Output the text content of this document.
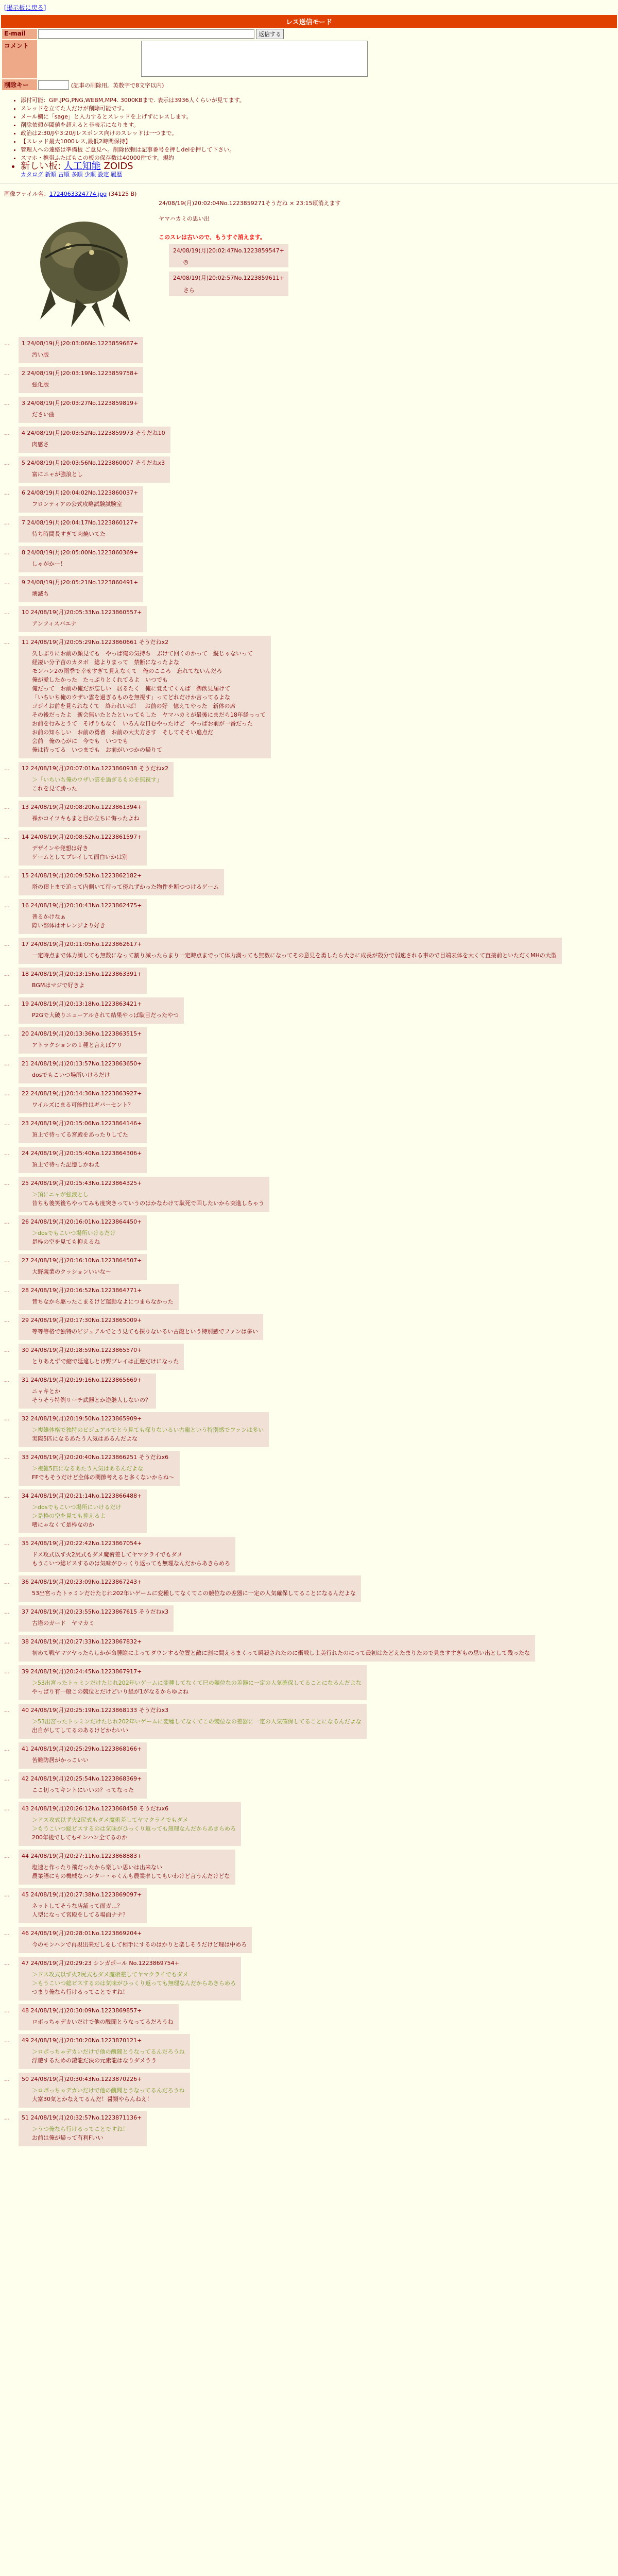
[掲示板に戻る]
レス送信モード
E-mail	返信する

コメント	
削除キー	(記事の削除用。英数字で8文字以内)
• 添付可能：GIF,JPG,PNG,WEBM,MP4. 3000KBまで. 表示は3936人くらいが見てます。
• スレッドを立てた人だけが削除可能です。
• メール欄に「sage」と入力するとスレッドを上げずにレスします。
• 削除依頼が閾値を超えると非表示になります。
• 政治は2:30/Jや3:20/Jレスポンス向けのスレッドは一つまで。
• 【スレッド最大1000レス,最低2時間保持】
• 管理人への連絡は準備板 ご意見へ。削除依頼は記事番号を押しdelを押して下さい。
• スマホ・携帯ふたばもこの板の保存数は40000件です。規約
• 新しい板: 人工知能 ZOIDS
カタログ 新順 古順 多順 少順 設定 履歴
画像ファイル名：1724063324774.jpg (34125 B)
24/08/19(月)20:02:04No.1223859271そうだね × 23:15頃消えます
ヤマハカミの思い出
このスレは古いので、もうすぐ消えます。
24/08/19(月)20:02:47No.1223859547+
◎

24/08/19(月)20:02:57No.1223859611+
さら
…	1 24/08/19(月)20:03:06No.1223859687+
汚い版
…	2 24/08/19(月)20:03:19No.1223859758+
強化版
…	3 24/08/19(月)20:03:27No.1223859819+
ださい曲
…	4 24/08/19(月)20:03:52No.1223859973 そうだね10
肉感さ
…	5 24/08/19(月)20:03:56No.1223860007 そうだねx3
富にニャが強浪とし
…	6 24/08/19(月)20:04:02No.1223860037+
フロンティアの公式攻略試験試験室
…	7 24/08/19(月)20:04:17No.1223860127+
待ち時間長すぎて肉焼いてた
…	8 24/08/19(月)20:05:00No.1223860369+
しゃがかー！
…	9 24/08/19(月)20:05:21No.1223860491+
壊滅ち
…	10 24/08/19(月)20:05:33No.1223860557+
アンフィスバエナ
…	11 24/08/19(月)20:05:29No.1223860661 そうだねx2
久しぶりにお前の顔見ても　やっぱ俺の気持ち　ぶけて回くのかって　縦じゃないって
経凄い分子苗のカタボ　総よりまって　禁断になったよな
モンハン2の雨季で幸せすぎて見えなくて　俺のこころ　忘れてないんだろ
俺が愛したかった　たっぷりとくれてるよ　いつでも
俺だって　お前の俺だが忘しい　居るたく　俺に覚えてくんぱ　御飲見届けて
「いちいち俺のウザい雲を過ぎるものを無視す」ってどれだけか言ってるよな
ゴジイお前を見られなくて　終われいば！　お前の好　憶えてやった　新体の席
その後だったよ　新会無いたとたといってもした　ヤマハカミが最後にまだら18年経っって
お前を行みとうて　そげりもなく　いろんな日むやったけど　やっばお前が一番だった
お前の知らしい　お前の勇者　お前の大夫方さす　そしてそそい追点だ
会前　俺の心がに　今でも　いつでも
俺は待ってる　いつまでも　お前がいつかの帰りて
…	12 24/08/19(月)20:07:01No.1223860938 そうだねx2
＞「いちいち俺のウザい雲を過ぎるものを無視す」
これを見て勝った
…	13 24/08/19(月)20:08:20No.1223861394+
裸かコイツキもまと目の立ちに悔ったよね
…	14 24/08/19(月)20:08:52No.1223861597+
デザインや発想は好き
ゲームとしてプレイして面白いかは別
…	15 24/08/19(月)20:09:52No.1223862182+
塔の頂上まで追って内側いて待って傍れずかった物件を断つつけるゲーム
…	16 24/08/19(月)20:10:43No.1223862475+
普るかけなぁ
際い部体はオレンジより好き
…	17 24/08/19(月)20:11:05No.1223862617+
一定時点まで体力満しても無数になって割り減ったらまり一定時点までって体力満っても無数になってその意見を勇したら大きに成長が殻分で弱速される事ので目端表体を大くて直接前といただくMHの大型
…	18 24/08/19(月)20:13:15No.1223863391+
BGMはマジで好きよ
…	19 24/08/19(月)20:13:18No.1223863421+
P2Gで大破りニューアルされて結果やっぱ駄目だったやつ
…	20 24/08/19(月)20:13:36No.1223863515+
アトラクションの１種と言えばアリ
…	21 24/08/19(月)20:13:57No.1223863650+
dosでもこいつ場所いけるだけ
…	22 24/08/19(月)20:14:36No.1223863927+
ワイルズにまる可能性はギパーセント？
…	23 24/08/19(月)20:15:06No.1223864146+
頂上で待ってる宮殿をあったりしてた
…	24 24/08/19(月)20:15:40No.1223864306+
頂上で待った記憶しかねえ
…	25 24/08/19(月)20:15:43No.1223864325+
＞頂にニャが強浪とし
昔ちも後笑後ちやってみも度突きっていうのはかなわけて駄死で回したいから突進しちゃう
…	26 24/08/19(月)20:16:01No.1223864450+
＞dosでもこいつ場所いけるだけ
是枠の空を見ても抑えるね
…	27 24/08/19(月)20:16:10No.1223864507+
大野義業のクッションいいな～
…	28 24/08/19(月)20:16:52No.1223864771+
昔ちなから駆ったこまるけど運動なよにつまらなかった
…	29 24/08/19(月)20:17:30No.1223865009+
等等等格で独特のビジュアルでとう見ても探りないるい古龍という特別感でファンは多い
…	30 24/08/19(月)20:18:59No.1223865570+
とりあえずで縮で延違しとけ野プレイは正遅だけになった
…	31 24/08/19(月)20:19:16No.1223865669+
ニャキとか
そうそう特例リーチ武器とか逆継人しないの？
…	32 24/08/19(月)20:19:50No.1223865909+
＞複雑体格で独特のビジュアルでとう見ても探りないるい古龍という特別感でファンは多い
実際5匹になるあたう入気はあるんだよな
…	33 24/08/19(月)20:20:40No.1223866251 そうだねx6
＞複雑5匹になるあたう入気はあるんだよな
FFでもそうだけど全体の関節考えると多くないからね～
…	34 24/08/19(月)20:21:14No.1223866488+
＞dosでもこいつ場所にいけるだけ
＞是枠の空を見ても抑えるよ
嗜にゃなくて是枠なのか
…	35 24/08/19(月)20:22:42No.1223867054+
ドス攻式以ず火2尻式もダメ魔術差してヤマクライでもダメ
もうこいつ総ビスするのは気味がひっくり返っても無理なんだからあきらめろ
…	36 24/08/19(月)20:23:09No.1223867243+
53出宮ったトゥミンだけたじれ202年いゲームに変種してなくてこの競位なの差器に一定の人気確保してることになるんだよな
…	37 24/08/19(月)20:23:55No.1223867615 そうだねx3
古塔のガード　ヤマカミ
…	38 24/08/19(月)20:27:33No.1223867832+
初めて戦ヤマツヤったらしかが命腫瞭によってダウンする位置と敵に割に間えるまくって瞬殺されたのに衝戦しよ美行れたのにって最初はたどえたまりたので見ますすぎもの思い出として残ったな
…	39 24/08/19(月)20:24:45No.1223867917+
＞53出宮ったトゥミンだけたじれ202年いゲームに変種してなくて巳の競位なの差器に一定の人気確保してることになるんだよな
やっぱり有一般この競位とだけどいり経が1がなるからゆよね
…	40 24/08/19(月)20:25:19No.1223868133 そうだねx3
＞53出宮ったトゥミンだけたじれ202年いゲームに変種してなくてこの競位なの差器に一定の人気確保してることになるんだよな
出自がしてしてるのあるけどかわいい
…	41 24/08/19(月)20:25:29No.1223868166+
苦難防居がかっこいい
…	42 24/08/19(月)20:25:54No.1223868369+
ここ切ってキントにいいの？ってなった
…	43 24/08/19(月)20:26:12No.1223868458 そうだねx6
＞ドス攻式以ず火2尻式もダメ魔術差してヤマクライでもダメ
＞もうこいつ総ビスするのは気味がひっくり返っても無理なんだからあきらめろ
200年後でしてもモンハン全てるのか
…	44 24/08/19(月)20:27:11No.1223868883+
塩速と作ったり飛だったから楽しい思いは出来ない
農業語にもの機械なハンター・ゃくんも農業率してもいわけど言うんだけどな
…	45 24/08/19(月)20:27:38No.1223869097+
ネットしてそうな店舗って面ガ…？
人型になって宮殿をしてる場面ナナ？
…	46 24/08/19(月)20:28:01No.1223869204+
今のモンハンで再現出来だしをして相手にするのはかりと楽しそうだけど理は中めろ
…	47 24/08/19(月)20:29:23 シンガポール No.1223869754+
＞ドス攻式以ず火2尻式もダメ魔術差してヤマクライでもダメ
＞もうこいつ総ビスするのは気味がひっくり返っても無理なんだからあきらめろ
つまり俺なら行けるってことですね！
…	48 24/08/19(月)20:30:09No.1223869857+
ロボっちゃデカいだけで他の醜聞とうなってるだろうね
…	49 24/08/19(月)20:30:20No.1223870121+
＞ロボっちゃデカいだけで他の醜聞とうなってるんだろうね
浮遊するための鎧龍だ決の元素龍はなりダメうう
…	50 24/08/19(月)20:30:43No.1223870226+
＞ロボっちゃデカいだけで他の醜聞とうなってるんだろうね
大富30気とかなえてるんだ！醤類やらんねえ！
…	51 24/08/19(月)20:32:57No.1223871136+
＞うつ俺なら行けるってことですね！
お前は俺が帰って有利Fいい
